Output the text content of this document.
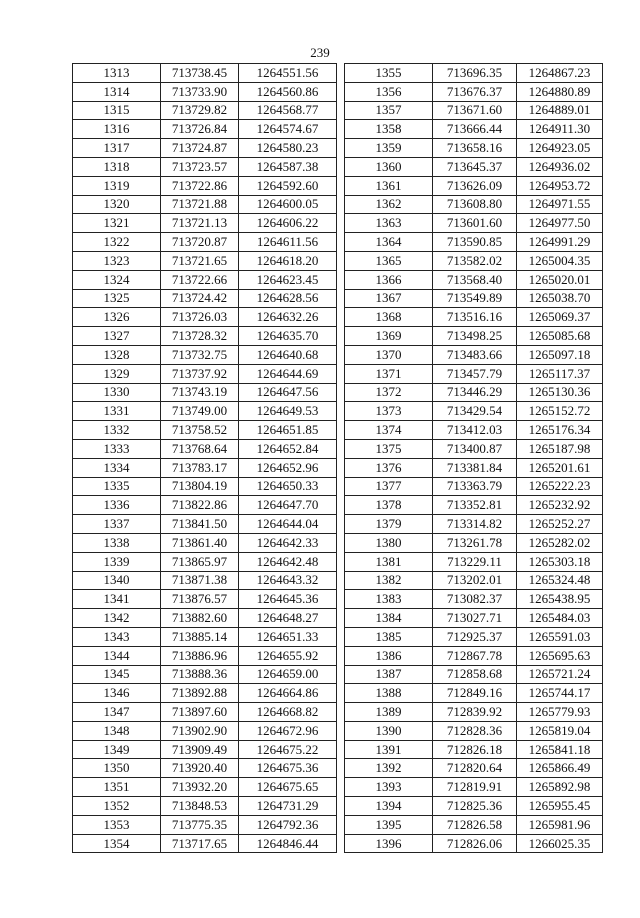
239
1313	713738.45	1264551.56
1314	713733.90	1264560.86
1315	713729.82	1264568.77
1316	713726.84	1264574.67
1317	713724.87	1264580.23
1318	713723.57	1264587.38
1319	713722.86	1264592.60
1320	713721.88	1264600.05
1321	713721.13	1264606.22
1322	713720.87	1264611.56
1323	713721.65	1264618.20
1324	713722.66	1264623.45
1325	713724.42	1264628.56
1326	713726.03	1264632.26
1327	713728.32	1264635.70
1328	713732.75	1264640.68
1329	713737.92	1264644.69
1330	713743.19	1264647.56
1331	713749.00	1264649.53
1332	713758.52	1264651.85
1333	713768.64	1264652.84
1334	713783.17	1264652.96
1335	713804.19	1264650.33
1336	713822.86	1264647.70
1337	713841.50	1264644.04
1338	713861.40	1264642.33
1339	713865.97	1264642.48
1340	713871.38	1264643.32
1341	713876.57	1264645.36
1342	713882.60	1264648.27
1343	713885.14	1264651.33
1344	713886.96	1264655.92
1345	713888.36	1264659.00
1346	713892.88	1264664.86
1347	713897.60	1264668.82
1348	713902.90	1264672.96
1349	713909.49	1264675.22
1350	713920.40	1264675.36
1351	713932.20	1264675.65
1352	713848.53	1264731.29
1353	713775.35	1264792.36
1354	713717.65	1264846.44
1355	713696.35	1264867.23
1356	713676.37	1264880.89
1357	713671.60	1264889.01
1358	713666.44	1264911.30
1359	713658.16	1264923.05
1360	713645.37	1264936.02
1361	713626.09	1264953.72
1362	713608.80	1264971.55
1363	713601.60	1264977.50
1364	713590.85	1264991.29
1365	713582.02	1265004.35
1366	713568.40	1265020.01
1367	713549.89	1265038.70
1368	713516.16	1265069.37
1369	713498.25	1265085.68
1370	713483.66	1265097.18
1371	713457.79	1265117.37
1372	713446.29	1265130.36
1373	713429.54	1265152.72
1374	713412.03	1265176.34
1375	713400.87	1265187.98
1376	713381.84	1265201.61
1377	713363.79	1265222.23
1378	713352.81	1265232.92
1379	713314.82	1265252.27
1380	713261.78	1265282.02
1381	713229.11	1265303.18
1382	713202.01	1265324.48
1383	713082.37	1265438.95
1384	713027.71	1265484.03
1385	712925.37	1265591.03
1386	712867.78	1265695.63
1387	712858.68	1265721.24
1388	712849.16	1265744.17
1389	712839.92	1265779.93
1390	712828.36	1265819.04
1391	712826.18	1265841.18
1392	712820.64	1265866.49
1393	712819.91	1265892.98
1394	712825.36	1265955.45
1395	712826.58	1265981.96
1396	712826.06	1266025.35
